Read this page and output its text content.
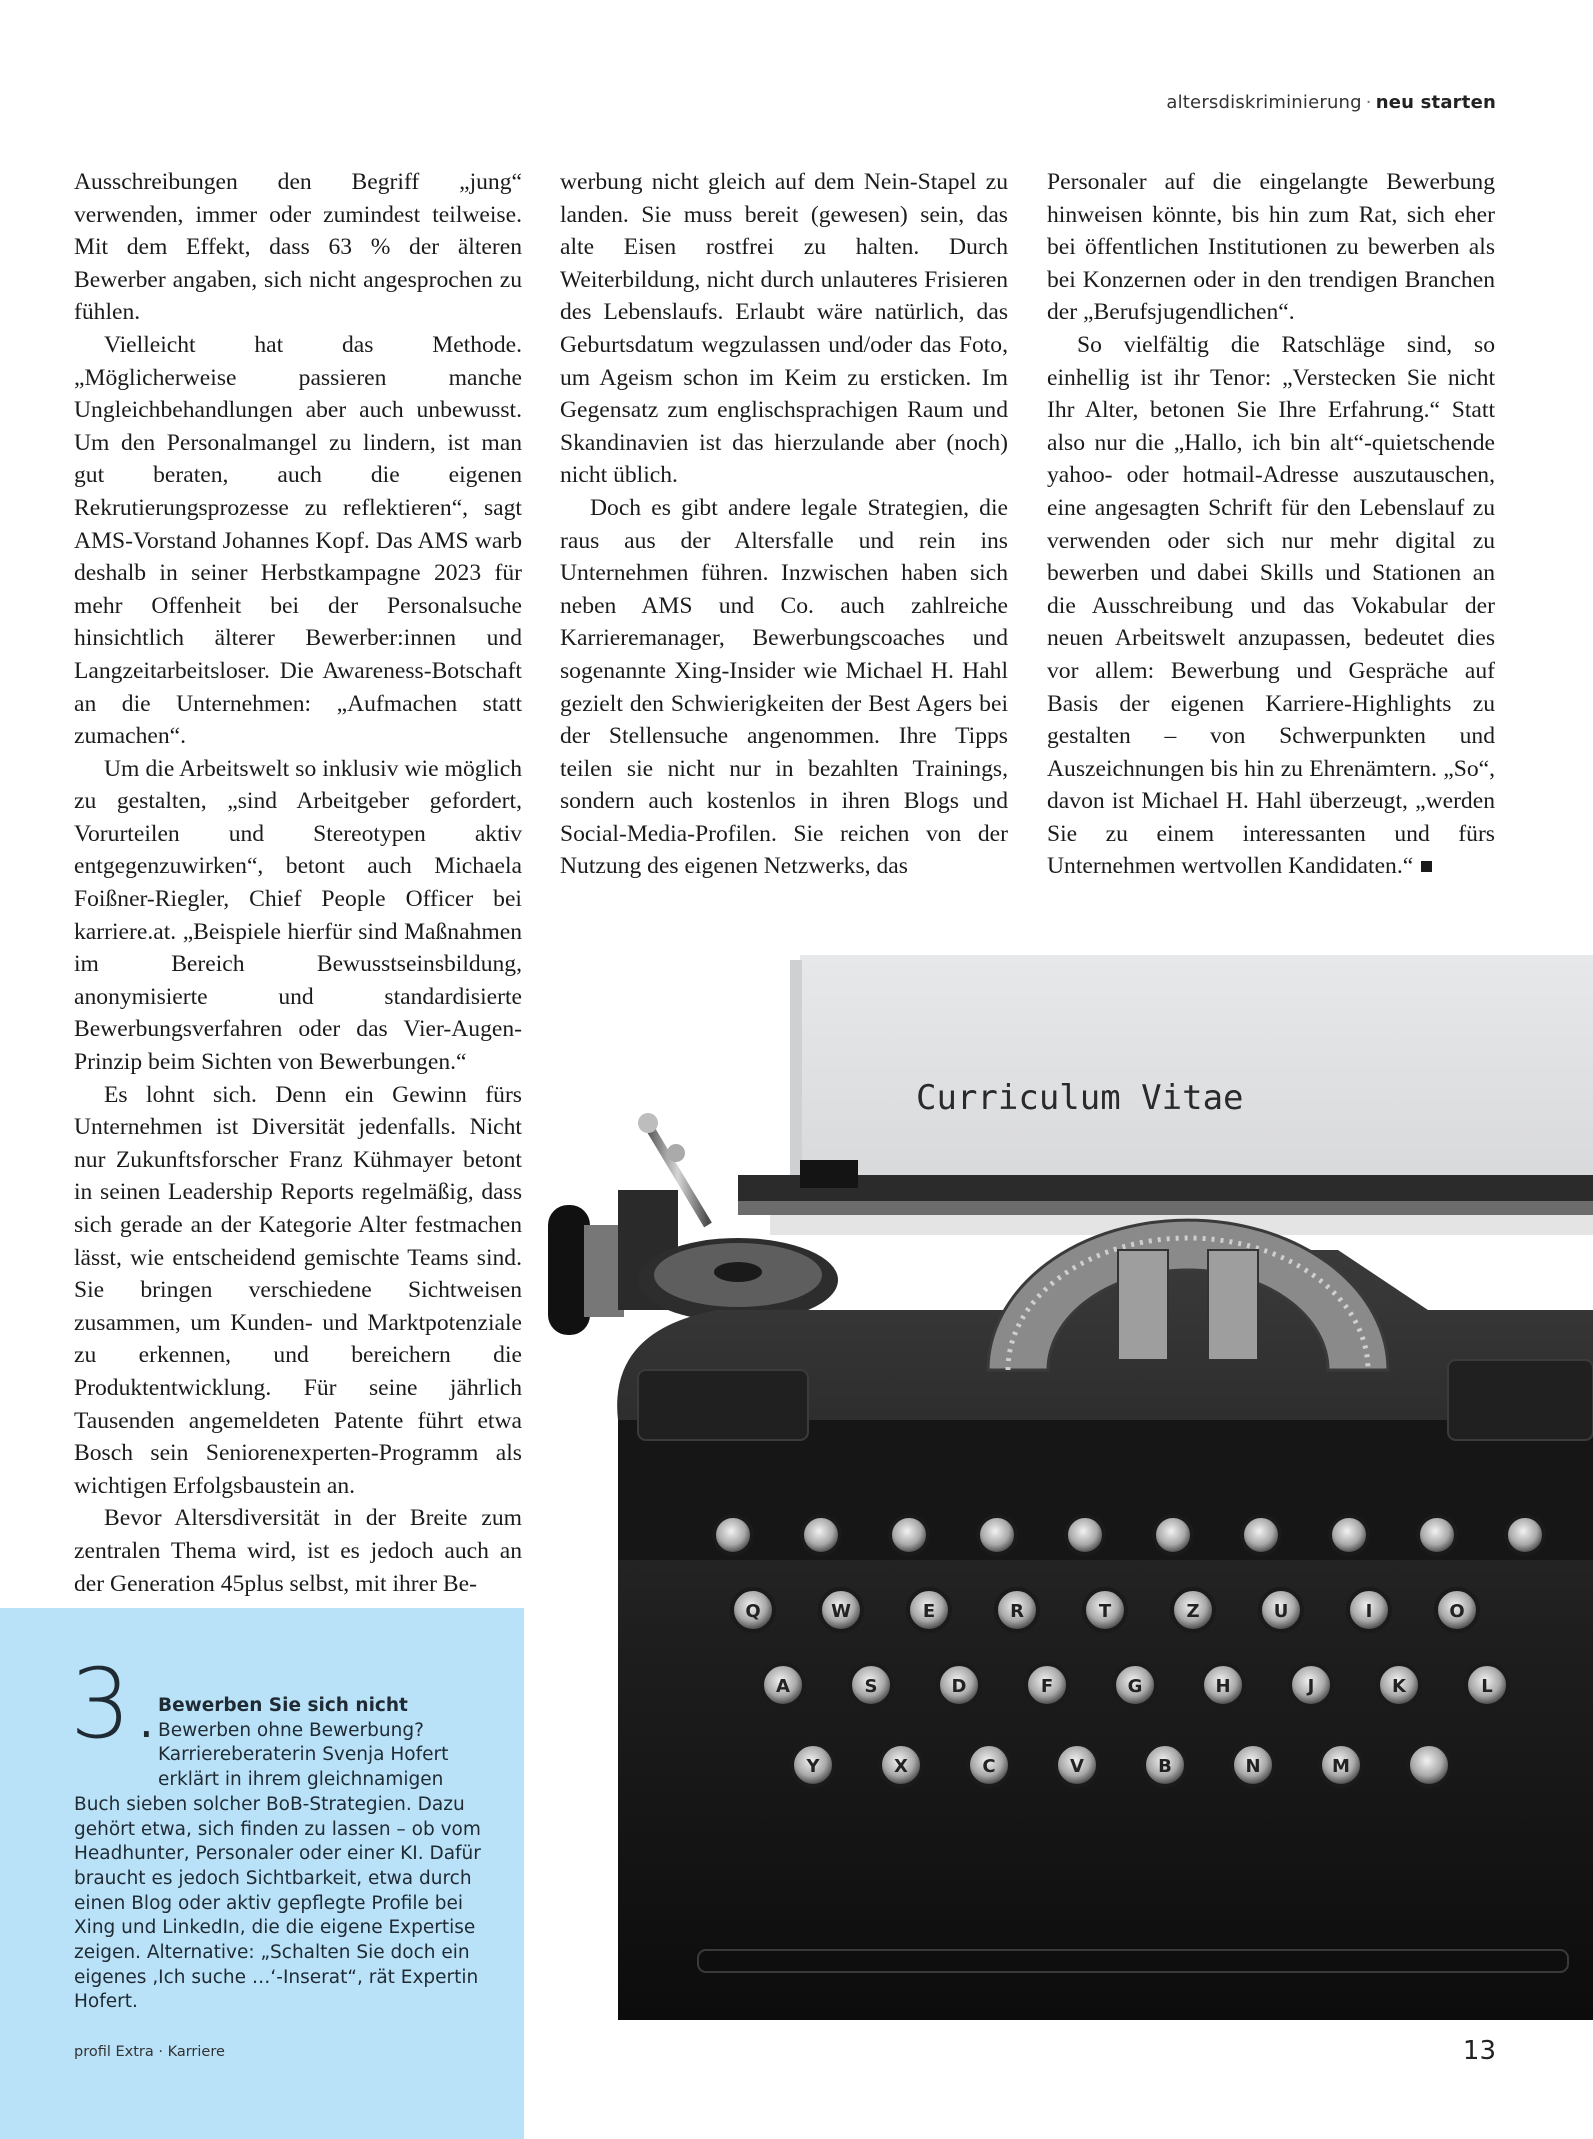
altersdiskriminierung · neu starten

Ausschreibungen den Begriff „jung“ verwenden, immer oder zumindest teilweise. Mit dem Effekt, dass 63 % der älteren Bewerber angaben, sich nicht angesprochen zu fühlen.

Vielleicht hat das Methode. „Möglicherweise passieren manche Ungleichbehandlungen aber auch unbewusst. Um den Personalmangel zu lindern, ist man gut beraten, auch die eigenen Rekrutierungsprozesse zu reflektieren“, sagt AMS-Vorstand Johannes Kopf. Das AMS warb deshalb in seiner Herbstkampagne 2023 für mehr Offenheit bei der Personalsuche hinsichtlich älterer Bewerber:innen und Langzeitarbeitsloser. Die Awareness-Botschaft an die Unternehmen: „Aufmachen statt zumachen“.

Um die Arbeitswelt so inklusiv wie möglich zu gestalten, „sind Arbeitgeber gefordert, Vorurteilen und Stereotypen aktiv entgegenzuwirken“, betont auch Michaela Foißner-Riegler, Chief People Officer bei karriere.at. „Beispiele hierfür sind Maßnahmen im Bereich Bewusstseinsbildung, anonymisierte und standardisierte Bewerbungsverfahren oder das Vier-Augen-Prinzip beim Sichten von Bewerbungen.“

Es lohnt sich. Denn ein Gewinn fürs Unternehmen ist Diversität jedenfalls. Nicht nur Zukunftsforscher Franz Kühmayer betont in seinen Leadership Reports regelmäßig, dass sich gerade an der Kategorie Alter festmachen lässt, wie entscheidend gemischte Teams sind. Sie bringen verschiedene Sichtweisen zusammen, um Kunden- und Marktpotenziale zu erkennen, und bereichern die Produktentwicklung. Für seine jährlich Tausenden angemeldeten Patente führt etwa Bosch sein Seniorenexperten-Programm als wichtigen Erfolgsbaustein an.

Bevor Altersdiversität in der Breite zum zentralen Thema wird, ist es jedoch auch an der Generation 45plus selbst, mit ihrer Be-

werbung nicht gleich auf dem Nein-Stapel zu landen. Sie muss bereit (gewesen) sein, das alte Eisen rostfrei zu halten. Durch Weiterbildung, nicht durch unlauteres Frisieren des Lebenslaufs. Erlaubt wäre natürlich, das Geburtsdatum wegzulassen und/oder das Foto, um Ageism schon im Keim zu ersticken. Im Gegensatz zum englischsprachigen Raum und Skandinavien ist das hierzulande aber (noch) nicht üblich.

Doch es gibt andere legale Strategien, die raus aus der Altersfalle und rein ins Unternehmen führen. Inzwischen haben sich neben AMS und Co. auch zahlreiche Karrieremanager, Bewerbungscoaches und sogenannte Xing-Insider wie Michael H. Hahl gezielt den Schwierigkeiten der Best Agers bei der Stellensuche angenommen. Ihre Tipps teilen sie nicht nur in bezahlten Trainings, sondern auch kostenlos in ihren Blogs und Social-Media-Profilen. Sie reichen von der Nutzung des eigenen Netzwerks, das

Personaler auf die eingelangte Bewerbung hinweisen könnte, bis hin zum Rat, sich eher bei öffentlichen Institutionen zu bewerben als bei Konzernen oder in den trendigen Branchen der „Berufsjugendlichen“.

So vielfältig die Ratschläge sind, so einhellig ist ihr Tenor: „Verstecken Sie nicht Ihr Alter, betonen Sie Ihre Erfahrung.“ Statt also nur die „Hallo, ich bin alt“-quietschende yahoo- oder hotmail-Adresse auszutauschen, eine angesagten Schrift für den Lebenslauf zu verwenden oder sich nur mehr digital zu bewerben und dabei Skills und Stationen an die Ausschreibung und das Vokabular der neuen Arbeitswelt anzupassen, bedeutet dies vor allem: Bewerbung und Gespräche auf Basis der eigenen Karriere-Highlights zu gestalten – von Schwerpunkten und Auszeichnungen bis hin zu Ehrenämtern. „So“, davon ist Michael H. Hahl überzeugt, „werden Sie zu einem interessanten und fürs Unternehmen wertvollen Kandidaten.“

Curriculum Vitae
Q	W	E	R	T	Z	U	I	O
A	S	D	F	G	H	J	K	L
Y	X	C	V	B	N	M
3.
Bewerben Sie sich nicht
Bewerben ohne Bewerbung? Karriereberaterin Svenja Hofert erklärt in ihrem gleichnamigen Buch sieben solcher BoB-Strategien. Dazu gehört etwa, sich finden zu lassen – ob vom Headhunter, Personaler oder einer KI. Dafür braucht es jedoch Sichtbarkeit, etwa durch einen Blog oder aktiv gepflegte Profile bei Xing und LinkedIn, die die eigene Expertise zeigen. Alternative: „Schalten Sie doch ein eigenes ‚Ich suche …‘-Inserat“, rät Expertin Hofert.
profil Extra · Karriere	13
